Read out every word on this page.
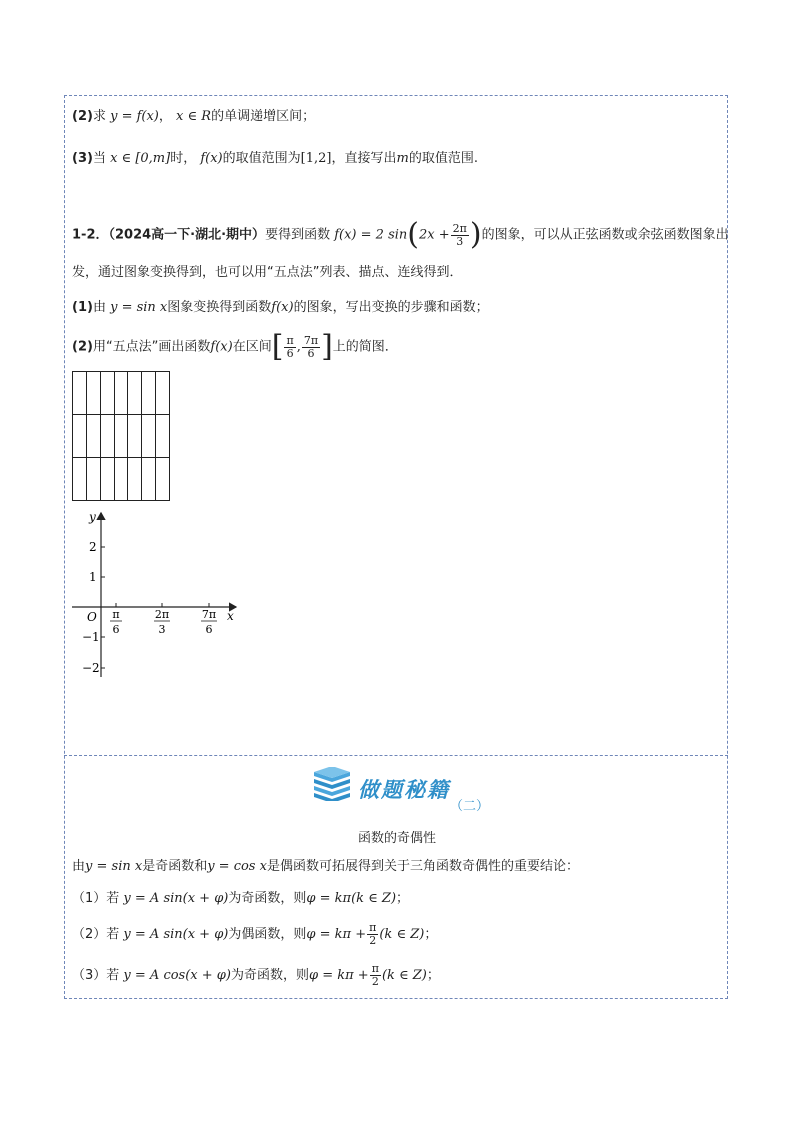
(2)求 y = f(x)， x ∈ R的单调递增区间；
(3)当 x ∈ [0,m]时， f(x)的取值范围为[1,2]，直接写出m的取值范围.
1-2．（2024高一下·湖北·期中）要得到函数 f(x) = 2 $\sin(2x + \frac{2\pi}{3}$ )的图象，可以从正弦函数或余弦函数图象出
发，通过图象变换得到，也可以用“五点法”列表、描点、连线得到．
(1)由 y = sin x图象变换得到函数f(x)的图象，写出变换的步骤和函数；
(2)用“五点法”画出函数f(x)在区间[ $\frac{\pi}{6}$ , $\frac{7\pi}{6}$ ]上的简图．

y
x
O
2
1
−1
−2
π
6
2π
3
7π
6
做题秘籍
（二）
函数的奇偶性
由y = sin x是奇函数和y = cos x是偶函数可拓展得到关于三角函数奇偶性的重要结论：
（1）若 y = A sin(x + φ)为奇函数，则φ = kπ(k ∈ Z)；
（2）若 y = A sin(x + φ)为偶函数，则$\varphi = k\pi + \frac{\pi}{2} (k$ ∈ Z)；
（3）若 y = A cos(x + φ)为奇函数，则$\varphi = k\pi + \frac{\pi}{2} (k$ ∈ Z)；
